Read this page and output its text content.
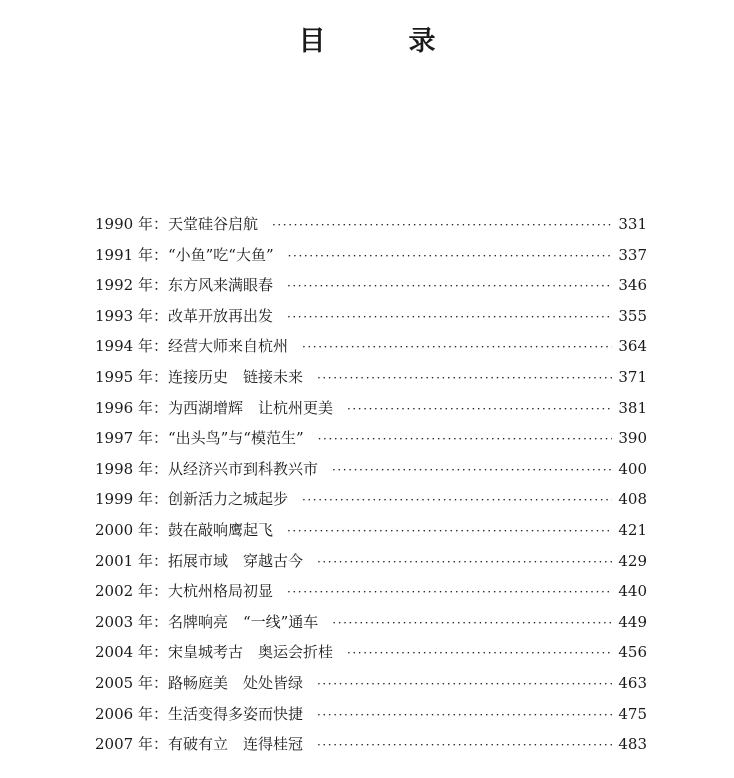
目　录
1990 年： 天堂硅谷启航 ·····	331
1991 年： “小鱼”吃“大鱼” ·····	337
1992 年： 东方风来满眼春 ·····	346
1993 年： 改革开放再出发 ·····	355
1994 年： 经营大师来自杭州 ·····	364
1995 年： 连接历史　链接未来 ·····	371
1996 年： 为西湖增辉　让杭州更美 ·····	381
1997 年： “出头鸟”与“模范生” ·····	390
1998 年： 从经济兴市到科教兴市 ·····	400
1999 年： 创新活力之城起步 ·····	408
2000 年： 鼓在敲响鹰起飞 ·····	421
2001 年： 拓展市域　穿越古今 ·····	429
2002 年： 大杭州格局初显 ·····	440
2003 年： 名牌响亮　“一线”通车 ·····	449
2004 年： 宋皇城考古　奥运会折桂 ·····	456
2005 年： 路畅庭美　处处皆绿 ·····	463
2006 年： 生活变得多姿而快捷 ·····	475
2007 年： 有破有立　连得桂冠 ·····	483
